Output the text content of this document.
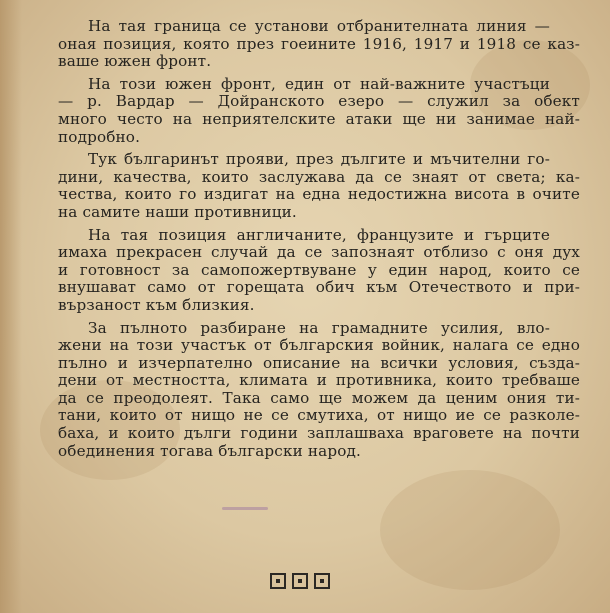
На тая граница се установи отбранителната линия —
оная позиция, която през гоеините 1916, 1917 и 1918 се каз-
ваше южен фронт.
На този южен фронт, един от най-важните участъци
— р. Вардар — Дойранското езеро — служил за обект
много често на неприятелските атаки ще ни занимае най-
подробно.
Тук българинът прояви, през дългите и мъчителни го-
дини, качества, които заслужава да се знаят от света; ка-
чества, които го издигат на една недостижна висота в очите
на самите наши противници.
На тая позиция англичаните, французите и гърците
имаха прекрасен случай да се запознаят отблизо с оня дух
и готовност за самопожертвуване у един народ, които се
внушават само от горещата обич към Отечеството и при-
вързаност към близкия.
За пълното разбиране на грамадните усилия, вло-
жени на този участък от българския войник, налага се едно
пълно и изчерпателно описание на всички условия, създа-
дени от местността, климата и противника, които требваше
да се преодолеят. Така само ще можем да ценим ония ти-
тани, които от нищо не се смутиха, от нищо ие се разколе-
баха, и които дълги години заплашваха враговете на почти
обединения тогава български народ.
